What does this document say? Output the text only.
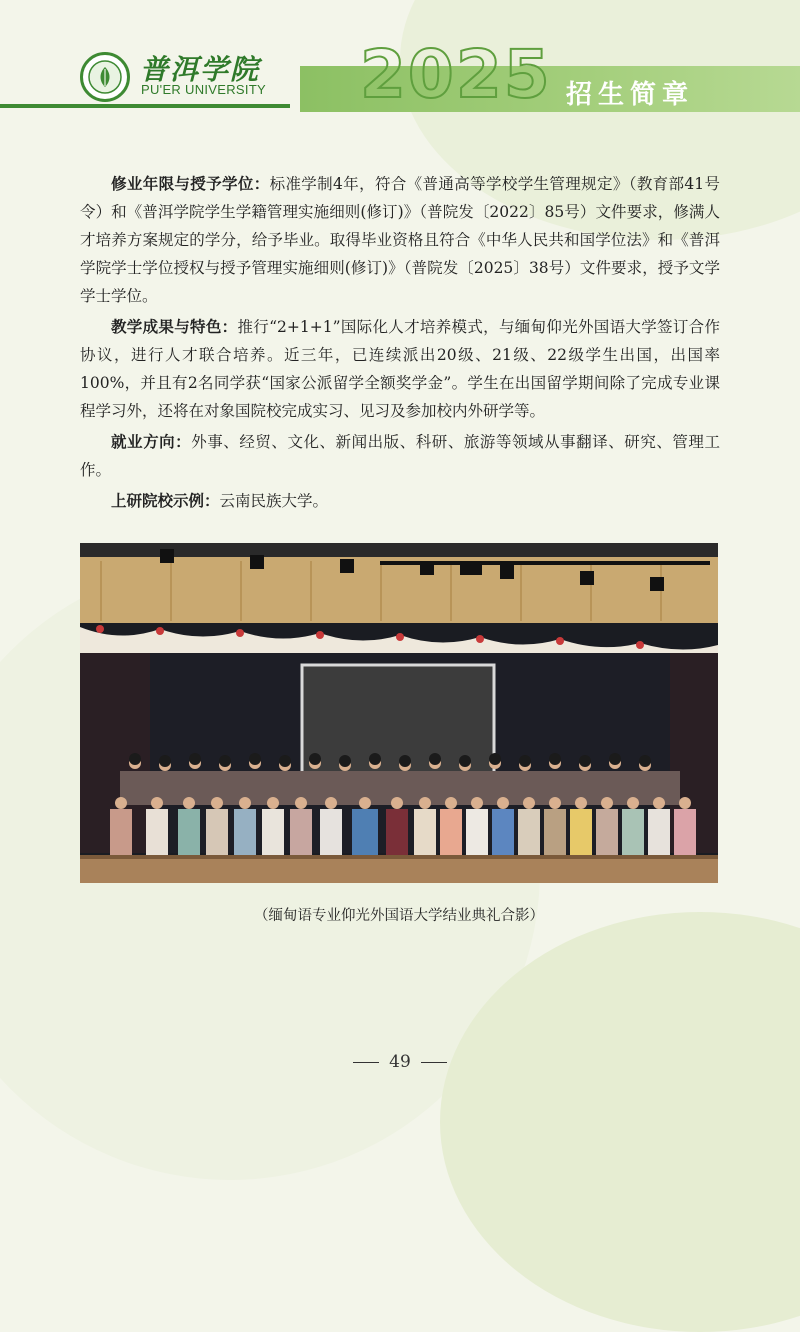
普洱学院
PU'ER UNIVERSITY 2025 招生简章

修业年限与授予学位：标准学制4年，符合《普通高等学校学生管理规定》（教育部41号令）和《普洱学院学生学籍管理实施细则(修订)》（普院发〔2022〕85号）文件要求，修满人才培养方案规定的学分，给予毕业。取得毕业资格且符合《中华人民共和国学位法》和《普洱学院学士学位授权与授予管理实施细则(修订)》（普院发〔2025〕38号）文件要求，授予文学学士学位。

教学成果与特色：推行“2+1+1”国际化人才培养模式，与缅甸仰光外国语大学签订合作协议，进行人才联合培养。近三年，已连续派出20级、21级、22级学生出国，出国率100%，并且有2名同学获“国家公派留学全额奖学金”。学生在出国留学期间除了完成专业课程学习外，还将在对象国院校完成实习、见习及参加校内外研学等。

就业方向：外事、经贸、文化、新闻出版、科研、旅游等领域从事翻译、研究、管理工作。

上研院校示例：云南民族大学。

（缅甸语专业仰光外国语大学结业典礼合影）
49
